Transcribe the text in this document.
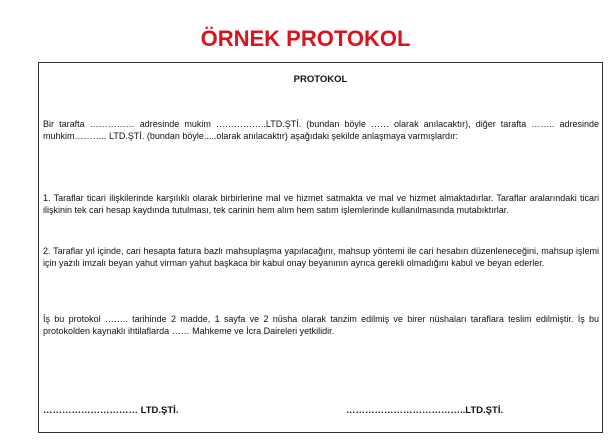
ÖRNEK PROTOKOL
PROTOKOL
Bir tarafta …………… adresinde mukim ……………..LTD.ŞTİ. (bundan böyle …… olarak anılacaktır), diğer tarafta …….. adresinde muhkim……….. LTD.ŞTİ. (bundan böyle.....olarak anılacaktır) aşağıdaki şekilde anlaşmaya varmışlardır:
1. Taraflar ticari ilişkilerinde karşılıklı olarak birbirlerine mal ve hizmet satmakta ve mal ve hizmet almaktadırlar. Taraflar aralarındaki ticari ilişkinin tek cari hesap kaydında tutulması, tek carinin hem alım hem satım işlemlerinde kullanılmasında mutabıktırlar.
2. Taraflar yıl içinde, cari hesapta fatura bazlı mahsuplaşma yapılacağını, mahsup yöntemi ile cari hesabın düzenleneceğini, mahsup işlemi için yazılı imzalı beyan yahut virman yahut başkaca bir kabul onay beyanının ayrıca gerekli olmadığını kabul ve beyan ederler.
İş bu protokol …….. tarihinde 2 madde, 1 sayfa ve 2 nüsha olarak tanzim edilmiş ve birer nüshaları taraflara teslim edilmiştir. İş bu protokolden kaynaklı ihtilaflarda …… Mahkeme ve İcra Daireleri yetkilidir.
………………………… LTD.ŞTİ.	………………………………..LTD.ŞTİ.
